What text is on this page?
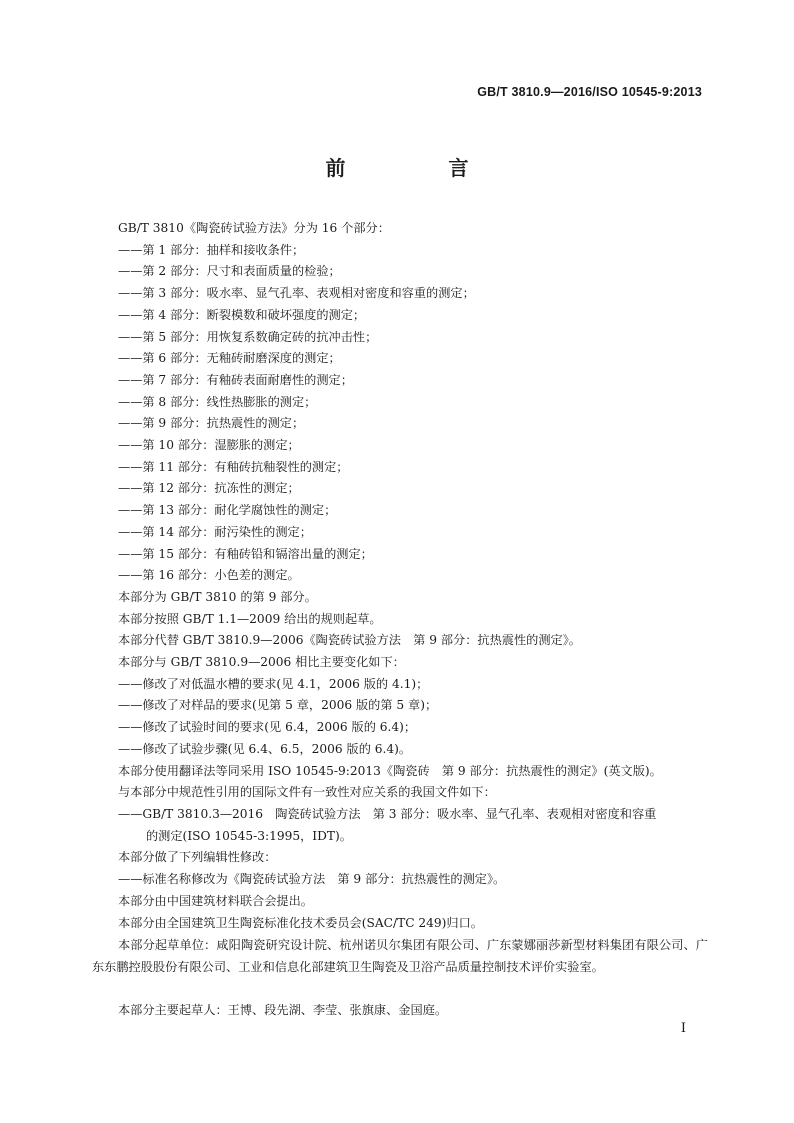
GB/T 3810.9—2016/ISO 10545-9:2013
前 言
GB/T 3810《陶瓷砖试验方法》分为 16 个部分：
——第 1 部分：抽样和接收条件；
——第 2 部分：尺寸和表面质量的检验；
——第 3 部分：吸水率、显气孔率、表观相对密度和容重的测定；
——第 4 部分：断裂模数和破坏强度的测定；
——第 5 部分：用恢复系数确定砖的抗冲击性；
——第 6 部分：无釉砖耐磨深度的测定；
——第 7 部分：有釉砖表面耐磨性的测定；
——第 8 部分：线性热膨胀的测定；
——第 9 部分：抗热震性的测定；
——第 10 部分：湿膨胀的测定；
——第 11 部分：有釉砖抗釉裂性的测定；
——第 12 部分：抗冻性的测定；
——第 13 部分：耐化学腐蚀性的测定；
——第 14 部分：耐污染性的测定；
——第 15 部分：有釉砖铅和镉溶出量的测定；
——第 16 部分：小色差的测定。
本部分为 GB/T 3810 的第 9 部分。
本部分按照 GB/T 1.1—2009 给出的规则起草。
本部分代替 GB/T 3810.9—2006《陶瓷砖试验方法　第 9 部分：抗热震性的测定》。
本部分与 GB/T 3810.9—2006 相比主要变化如下：
——修改了对低温水槽的要求(见 4.1，2006 版的 4.1)；
——修改了对样品的要求(见第 5 章，2006 版的第 5 章)；
——修改了试验时间的要求(见 6.4，2006 版的 6.4)；
——修改了试验步骤(见 6.4、6.5，2006 版的 6.4)。
本部分使用翻译法等同采用 ISO 10545-9:2013《陶瓷砖　第 9 部分：抗热震性的测定》(英文版)。
与本部分中规范性引用的国际文件有一致性对应关系的我国文件如下：
——GB/T 3810.3—2016　陶瓷砖试验方法　第 3 部分：吸水率、显气孔率、表观相对密度和容重
的测定(ISO 10545-3:1995，IDT)。
本部分做了下列编辑性修改：
——标准名称修改为《陶瓷砖试验方法　第 9 部分：抗热震性的测定》。
本部分由中国建筑材料联合会提出。
本部分由全国建筑卫生陶瓷标准化技术委员会(SAC/TC 249)归口。
本部分起草单位：咸阳陶瓷研究设计院、杭州诺贝尔集团有限公司、广东蒙娜丽莎新型材料集团有限公司、广东东鹏控股股份有限公司、工业和信息化部建筑卫生陶瓷及卫浴产品质量控制技术评价实验室。
本部分主要起草人：王博、段先湖、李莹、张旗康、金国庭。
I
